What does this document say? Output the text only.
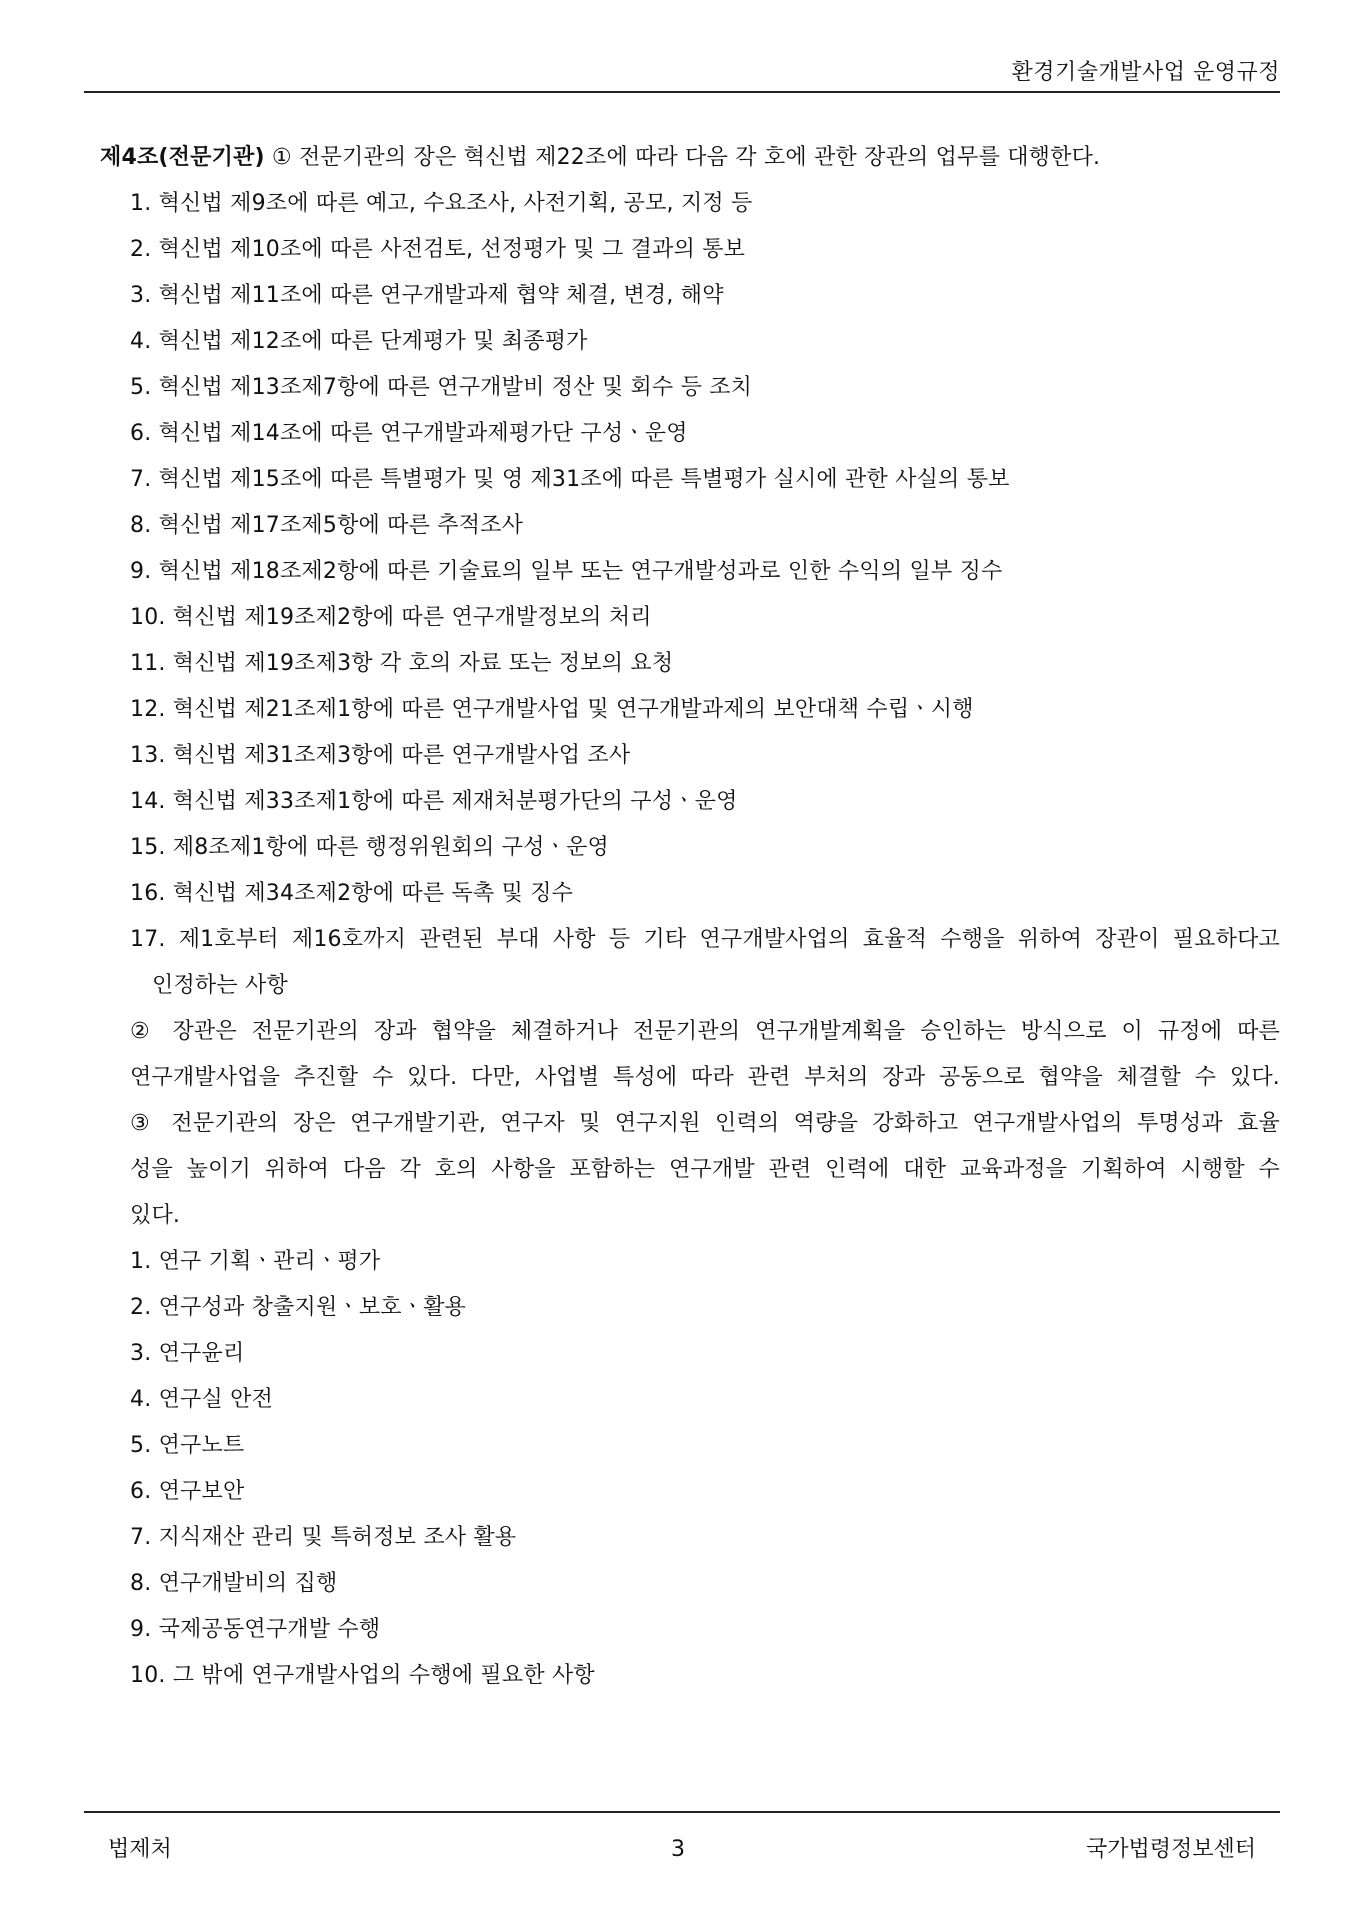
환경기술개발사업 운영규정
제4조(전문기관) ① 전문기관의 장은 혁신법 제22조에 따라 다음 각 호에 관한 장관의 업무를 대행한다.
1. 혁신법 제9조에 따른 예고, 수요조사, 사전기획, 공모, 지정 등
2. 혁신법 제10조에 따른 사전검토, 선정평가 및 그 결과의 통보
3. 혁신법 제11조에 따른 연구개발과제 협약 체결, 변경, 해약
4. 혁신법 제12조에 따른 단계평가 및 최종평가
5. 혁신법 제13조제7항에 따른 연구개발비 정산 및 회수 등 조치
6. 혁신법 제14조에 따른 연구개발과제평가단 구성ㆍ운영
7. 혁신법 제15조에 따른 특별평가 및 영 제31조에 따른 특별평가 실시에 관한 사실의 통보
8. 혁신법 제17조제5항에 따른 추적조사
9. 혁신법 제18조제2항에 따른 기술료의 일부 또는 연구개발성과로 인한 수익의 일부 징수
10. 혁신법 제19조제2항에 따른 연구개발정보의 처리
11. 혁신법 제19조제3항 각 호의 자료 또는 정보의 요청
12. 혁신법 제21조제1항에 따른 연구개발사업 및 연구개발과제의 보안대책 수립ㆍ시행
13. 혁신법 제31조제3항에 따른 연구개발사업 조사
14. 혁신법 제33조제1항에 따른 제재처분평가단의 구성ㆍ운영
15. 제8조제1항에 따른 행정위원회의 구성ㆍ운영
16. 혁신법 제34조제2항에 따른 독촉 및 징수
17. 제1호부터 제16호까지 관련된 부대 사항 등 기타 연구개발사업의 효율적 수행을 위하여 장관이 필요하다고
인정하는 사항
② 장관은 전문기관의 장과 협약을 체결하거나 전문기관의 연구개발계획을 승인하는 방식으로 이 규정에 따른
연구개발사업을 추진할 수 있다. 다만, 사업별 특성에 따라 관련 부처의 장과 공동으로 협약을 체결할 수 있다.
③ 전문기관의 장은 연구개발기관, 연구자 및 연구지원 인력의 역량을 강화하고 연구개발사업의 투명성과 효율
성을 높이기 위하여 다음 각 호의 사항을 포함하는 연구개발 관련 인력에 대한 교육과정을 기획하여 시행할 수
있다.
1. 연구 기획ㆍ관리ㆍ평가
2. 연구성과 창출지원ㆍ보호ㆍ활용
3. 연구윤리
4. 연구실 안전
5. 연구노트
6. 연구보안
7. 지식재산 관리 및 특허정보 조사 활용
8. 연구개발비의 집행
9. 국제공동연구개발 수행
10. 그 밖에 연구개발사업의 수행에 필요한 사항
법제처	3	국가법령정보센터
